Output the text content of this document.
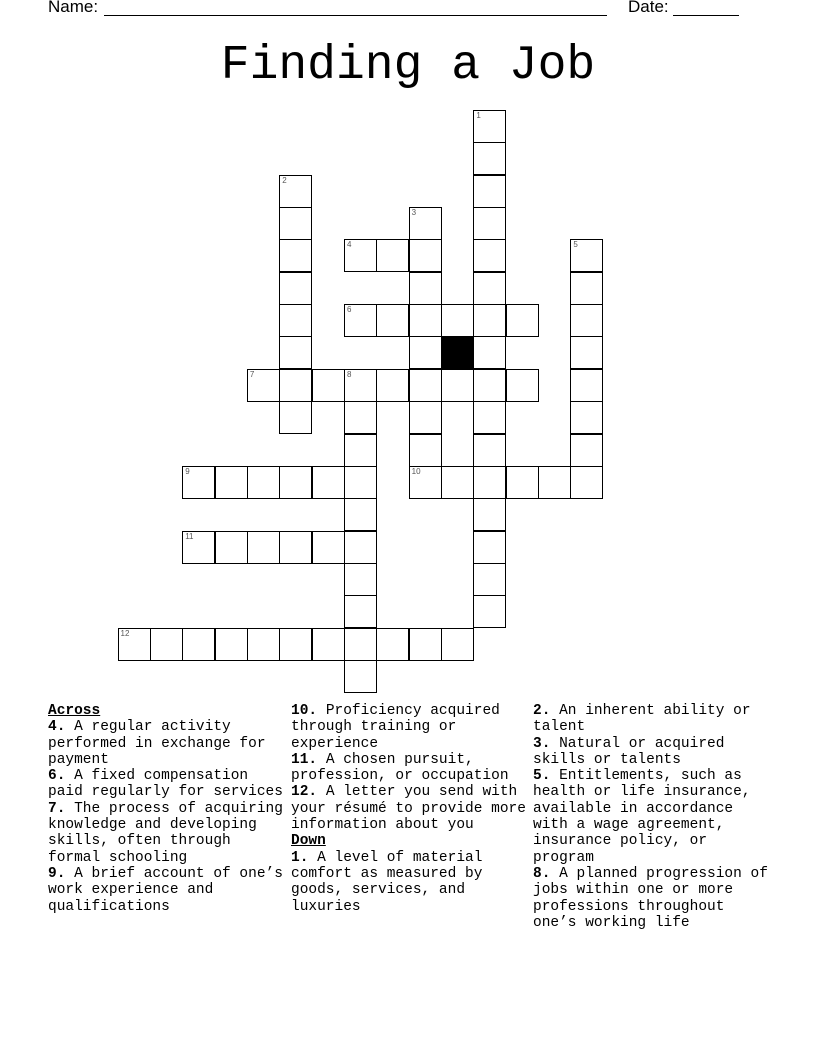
Name:	Date:
Finding a Job
1
2
3
4	5
6
7	8
9	10
11
12
Across

4. A regular activity performed in exchange for payment

6. A fixed compensation paid regularly for services

7. The process of acquiring knowledge and developing skills, often through formal schooling

9. A brief account of one’s work experience and qualifications

10. Proficiency acquired through training or experience

11. A chosen pursuit, profession, or occupation

12. A letter you send with your résumé to provide more information about you

Down

1. A level of material comfort as measured by goods, services, and luxuries

2. An inherent ability or talent

3. Natural or acquired skills or talents

5. Entitlements, such as health or life insurance, available in accordance with a wage agreement, insurance policy, or program

8. A planned progression of jobs within one or more professions throughout one’s working life
